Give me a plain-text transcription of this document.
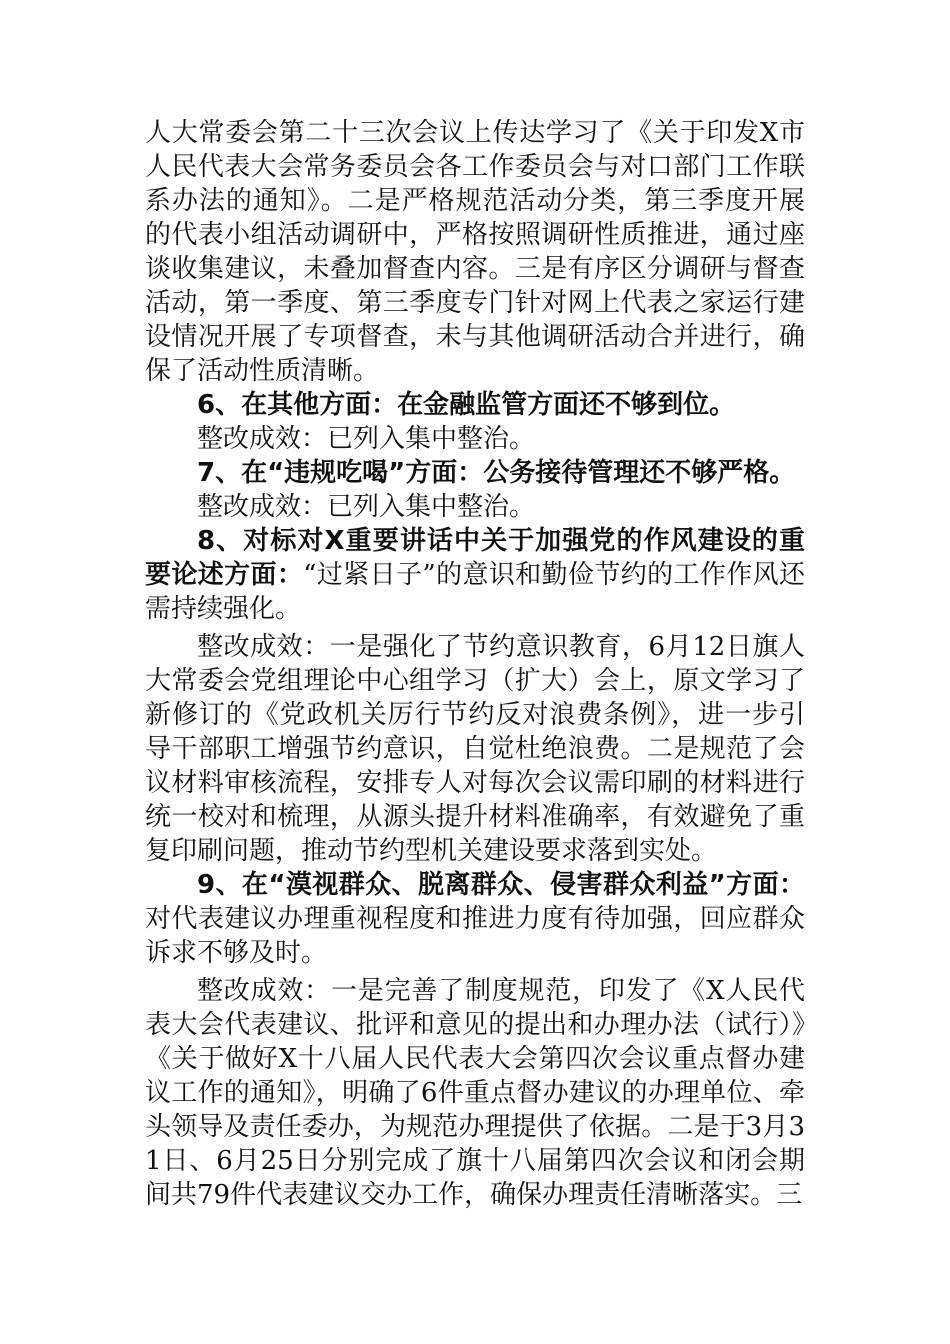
人大常委会第二十三次会议上传达学习了《关于印发X市人民代表大会常务委员会各工作委员会与对口部门工作联系办法的通知》。二是严格规范活动分类，第三季度开展的代表小组活动调研中，严格按照调研性质推进，通过座谈收集建议，未叠加督查内容。三是有序区分调研与督查活动，第一季度、第三季度专门针对网上代表之家运行建设情况开展了专项督查，未与其他调研活动合并进行，确保了活动性质清晰。

6、在其他方面：在金融监管方面还不够到位。

整改成效：已列入集中整治。

7、在“违规吃喝”方面：公务接待管理还不够严格。

整改成效：已列入集中整治。

8、对标对X重要讲话中关于加强党的作风建设的重要论述方面：“过紧日子”的意识和勤俭节约的工作作风还需持续强化。

整改成效：一是强化了节约意识教育，6月12日旗人大常委会党组理论中心组学习（扩大）会上，原文学习了新修订的《党政机关厉行节约反对浪费条例》，进一步引导干部职工增强节约意识，自觉杜绝浪费。二是规范了会议材料审核流程，安排专人对每次会议需印刷的材料进行统一校对和梳理，从源头提升材料准确率，有效避免了重复印刷问题，推动节约型机关建设要求落到实处。

9、在“漠视群众、脱离群众、侵害群众利益”方面：对代表建议办理重视程度和推进力度有待加强，回应群众诉求不够及时。

整改成效：一是完善了制度规范，印发了《X人民代表大会代表建议、批评和意见的提出和办理办法（试行）》《关于做好X十八届人民代表大会第四次会议重点督办建议工作的通知》，明确了6件重点督办建议的办理单位、牵头领导及责任委办，为规范办理提供了依据。二是于3月31日、6月25日分别完成了旗十八届第四次会议和闭会期间共79件代表建议交办工作，确保办理责任清晰落实。三
